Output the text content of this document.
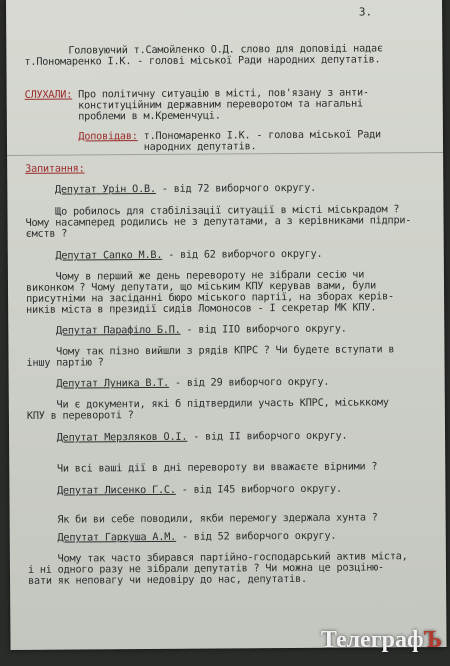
3.
Головуючий т.Самойленко О.Д. слово для доповіді надає
т.Пономаренко І.К. - голові міської Ради народних депутатів.
СЛУХАЛИ: Про політичну ситуацію в місті, пов'язану з анти-
конституційним державним переворотом та нагальні
проблеми в м.Кременчуці.
Доповідав: т.Пономаренко І.К. - голова міської Ради
народних депутатів.
Запитання:
Депутат Урін О.В. - від 72 виборчого округу.
Що робилось для стабілізації ситуації в місті міськрадом ?
Чому насамперед родились не з депутатами, а з керівниками підпри-
ємств ?
Депутат Сапко М.В. - від 62 виборчого округу.
Чому в перший же день перевороту не зібрали сесію чи
виконком ? Чому депутати, що міським КПУ керував вами, були
присутніми на засіданні бюро міського партії, на зборах керів-
ників міста в президії сидів Ломоносов - І секретар МК КПУ.
Депутат Парафіло Б.П. - від IIO виборчого округу.
Чому так пізно вийшли з рядів КПРС ? Чи будете вступати в
іншу партію ?
Депутат Луника В.Т. - від 29 виборчого округу.
Чи є документи, які б підтвердили участь КПРС, міськкому
КПУ в перевороті ?
Депутат Мерзляков О.І. - від II виборчого округу.
Чи всі ваші дії в дні перевороту ви вважаєте вірними ?
Депутат Лисенко Г.С. - від I45 виборчого округу.
Як би ви себе поводили, якби перемогу здержала хунта ?
Депутат Гаркуша А.М. - від 52 виборчого округу.
Чому так часто збирався партійно-господарський актив міста,
і ні одного разу не зібрали депутатів ? Чи можна це розціню-
вати як неповагу чи недовіру до нас, депутатів.
ТелеграфЪ
